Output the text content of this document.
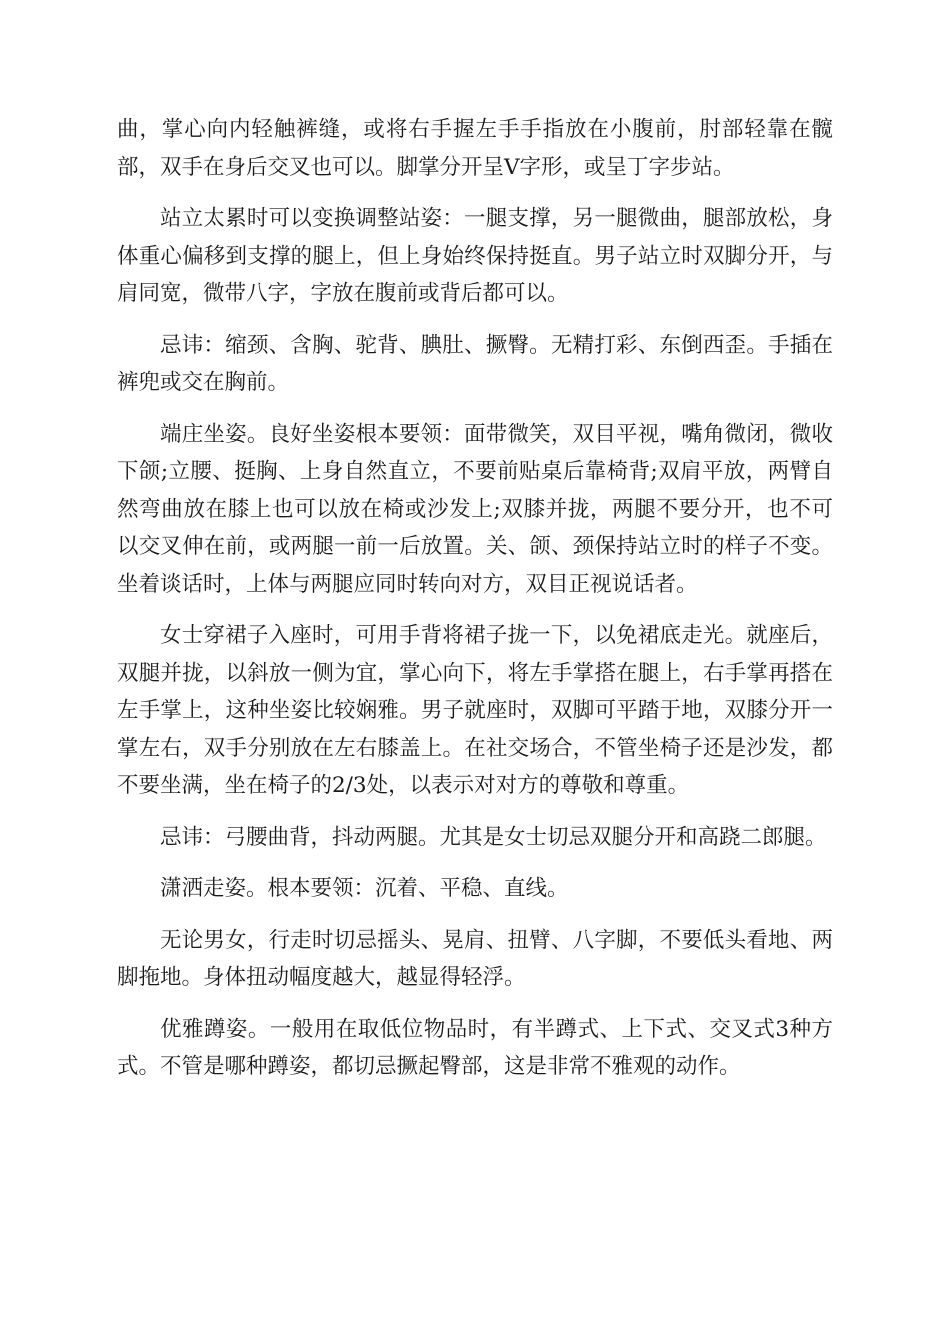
曲，掌心向内轻触裤缝，或将右手握左手手指放在小腹前，肘部轻靠在髋部，双手在身后交叉也可以。脚掌分开呈V字形，或呈丁字步站。

站立太累时可以变换调整站姿：一腿支撑，另一腿微曲，腿部放松，身体重心偏移到支撑的腿上，但上身始终保持挺直。男子站立时双脚分开，与肩同宽，微带八字，字放在腹前或背后都可以。

忌讳：缩颈、含胸、驼背、腆肚、撅臀。无精打彩、东倒西歪。手插在裤兜或交在胸前。

端庄坐姿。良好坐姿根本要领：面带微笑，双目平视，嘴角微闭，微收下颌;立腰、挺胸、上身自然直立，不要前贴桌后靠椅背;双肩平放，两臂自然弯曲放在膝上也可以放在椅或沙发上;双膝并拢，两腿不要分开，也不可以交叉伸在前，或两腿一前一后放置。关、颌、颈保持站立时的样子不变。坐着谈话时，上体与两腿应同时转向对方，双目正视说话者。

女士穿裙子入座时，可用手背将裙子拢一下，以免裙底走光。就座后，双腿并拢，以斜放一侧为宜，掌心向下，将左手掌搭在腿上，右手掌再搭在左手掌上，这种坐姿比较娴雅。男子就座时，双脚可平踏于地，双膝分开一掌左右，双手分别放在左右膝盖上。在社交场合，不管坐椅子还是沙发，都不要坐满，坐在椅子的2/3处，以表示对对方的尊敬和尊重。

忌讳：弓腰曲背，抖动两腿。尤其是女士切忌双腿分开和高跷二郎腿。

潇洒走姿。根本要领：沉着、平稳、直线。

无论男女，行走时切忌摇头、晃肩、扭臂、八字脚，不要低头看地、两脚拖地。身体扭动幅度越大，越显得轻浮。

优雅蹲姿。一般用在取低位物品时，有半蹲式、上下式、交叉式3种方式。不管是哪种蹲姿，都切忌撅起臀部，这是非常不雅观的动作。
